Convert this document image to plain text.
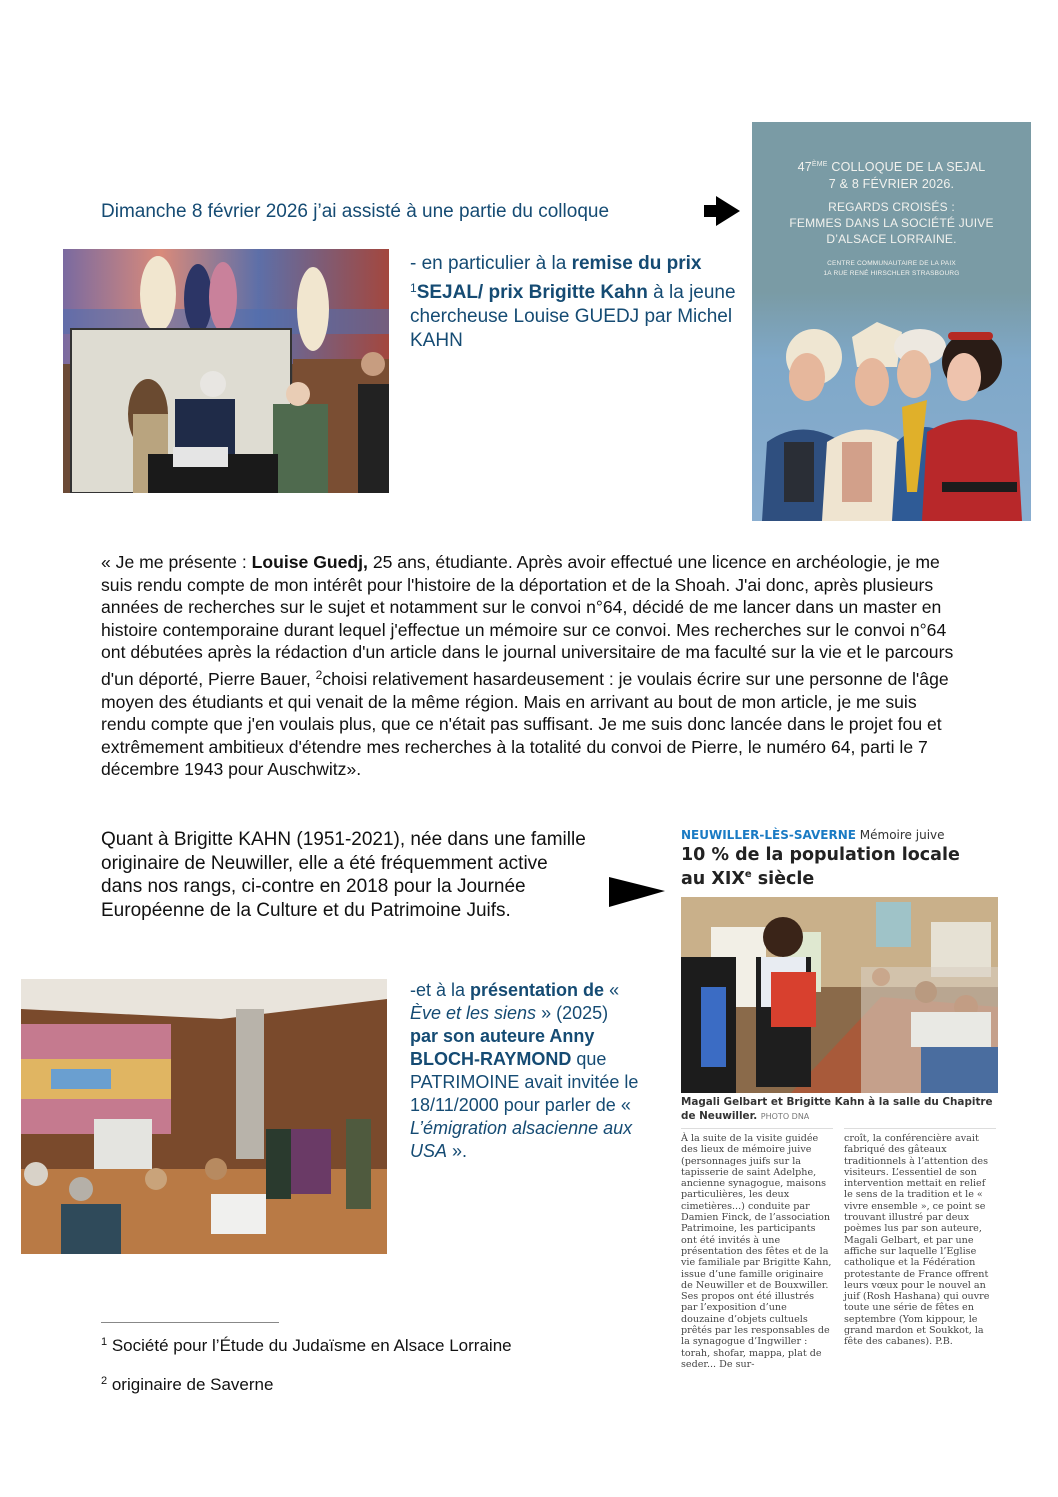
Dimanche 8 février 2026 j’ai assisté à une partie du colloque
- en particulier à la remise du prix $^1$SEJAL/ prix Brigitte Kahn à la jeune chercheuse Louise GUEDJ par Michel KAHN
47ÈME COLLOQUE DE LA SEJAL
7 & 8 FÉVRIER 2026.
REGARDS CROISÉS :
FEMMES DANS LA SOCIÉTÉ JUIVE
D’ALSACE LORRAINE.
CENTRE COMMUNAUTAIRE DE LA PAIX
1A RUE RENÉ HIRSCHLER STRASBOURG
« Je me présente : Louise Guedj, 25 ans, étudiante. Après avoir effectué une licence en archéologie, je me suis rendu compte de mon intérêt pour l'histoire de la déportation et de la Shoah. J'ai donc, après plusieurs années de recherches sur le sujet et notamment sur le convoi n°64, décidé de me lancer dans un master en histoire contemporaine durant lequel j'effectue un mémoire sur ce convoi. Mes recherches sur le convoi n°64 ont débutées après la rédaction d'un article dans le journal universitaire de ma faculté sur la vie et le parcours d'un déporté, Pierre Bauer, $^2$choisi relativement hasardeusement : je voulais écrire sur une personne de l'âge moyen des étudiants et qui venait de la même région. Mais en arrivant au bout de mon article, je me suis rendu compte que j'en voulais plus, que ce n'était pas suffisant. Je me suis donc lancée dans le projet fou et extrêmement ambitieux d'étendre mes recherches à la totalité du convoi de Pierre, le numéro 64, parti le 7 décembre 1943 pour Auschwitz».
Quant à Brigitte KAHN (1951-2021), née dans une famille originaire de Neuwiller, elle a été fréquemment active dans nos rangs, ci-contre en 2018 pour la Journée Européenne de la Culture et du Patrimoine Juifs.
NEUWILLER-LÈS-SAVERNE Mémoire juive
10 % de la population locale
au XIXe siècle
Magali Gelbart et Brigitte Kahn à la salle du Chapitre de Neuwiller. PHOTO DNA
À la suite de la visite guidée des lieux de mémoire juive (personnages juifs sur la tapisserie de saint Adelphe, ancienne synagogue, maisons particulières, les deux cimetières...) conduite par Damien Finck, de l’association Patrimoine, les participants ont été invités à une présentation des fêtes et de la vie familiale par Brigitte Kahn, issue d’une famille originaire de Neuwiller et de Bouxwiller. Ses propos ont été illustrés par l’exposition d’une douzaine d’objets cultuels prêtés par les responsables de la synagogue d’Ingwiller : torah, shofar, mappa, plat de seder... De sur-
croît, la conférencière avait fabriqué des gâteaux traditionnels à l’attention des visiteurs. L’essentiel de son intervention mettait en relief le sens de la tradition et le « vivre ensemble », ce point se trouvant illustré par deux poèmes lus par son auteure, Magali Gelbart, et par une affiche sur laquelle l’Eglise catholique et la Fédération protestante de France offrent leurs vœux pour le nouvel an juif (Rosh Hashana) qui ouvre toute une série de fêtes en septembre (Yom kippour, le grand mardon et Soukkot, la fête des cabanes). P.B.
-et à la présentation de « Ève et les siens » (2025) par son auteure Anny BLOCH-RAYMOND que PATRIMOINE avait invitée le 18/11/2000 pour parler de « L’émigration alsacienne aux USA ».
$^1$ Société pour l’Étude du Judaïsme en Alsace Lorraine
$^2$ originaire de Saverne
